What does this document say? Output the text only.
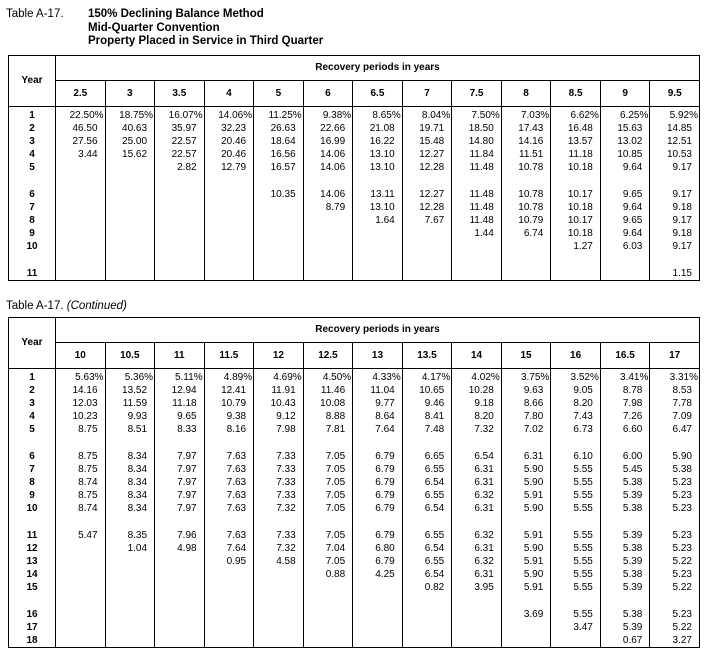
Table A-17.	150% Declining Balance Method
Mid-Quarter Convention
Property Placed in Service in Third Quarter
Year	Recovery periods in years												
	2.5	3	3.5	4	5	6	6.5	7	7.5	8	8.5	9	9.5
1	22.50%	18.75%	16.07%	14.06%	11.25%	9.38%	8.65%	8.04%	7.50%	7.03%	6.62%	6.25%	5.92%
2	46.50	40.63	35.97	32.23	26.63	22.66	21.08	19.71	18.50	17.43	16.48	15.63	14.85
3	27.56	25.00	22.57	20.46	18.64	16.99	16.22	15.48	14.80	14.16	13.57	13.02	12.51
4	3.44	15.62	22.57	20.46	16.56	14.06	13.10	12.27	11.84	11.51	11.18	10.85	10.53
5			2.82	12.79	16.57	14.06	13.10	12.28	11.48	10.78	10.18	9.64	9.17

6					10.35	14.06	13.11	12.27	11.48	10.78	10.17	9.65	9.17
7						8.79	13.10	12.28	11.48	10.78	10.18	9.64	9.18
8							1.64	7.67	11.48	10.79	10.17	9.65	9.17
9									1.44	6.74	10.18	9.64	9.18
10											1.27	6.03	9.17

11													1.15
Table A-17. (Continued)
Year	Recovery periods in years												
	10	10.5	11	11.5	12	12.5	13	13.5	14	15	16	16.5	17
1	5.63%	5.36%	5.11%	4.89%	4.69%	4.50%	4.33%	4.17%	4.02%	3.75%	3.52%	3.41%	3.31%
2	14.16	13.52	12.94	12.41	11.91	11.46	11.04	10.65	10.28	9.63	9.05	8.78	8.53
3	12.03	11.59	11.18	10.79	10.43	10.08	9.77	9.46	9.18	8.66	8.20	7.98	7.78
4	10.23	9.93	9.65	9.38	9.12	8.88	8.64	8.41	8.20	7.80	7.43	7.26	7.09
5	8.75	8.51	8.33	8.16	7.98	7.81	7.64	7.48	7.32	7.02	6.73	6.60	6.47

6	8.75	8.34	7.97	7.63	7.33	7.05	6.79	6.65	6.54	6.31	6.10	6.00	5.90
7	8.75	8.34	7.97	7.63	7.33	7.05	6.79	6.55	6.31	5.90	5.55	5.45	5.38
8	8.74	8.34	7.97	7.63	7.33	7.05	6.79	6.54	6.31	5.90	5.55	5.38	5.23
9	8.75	8.34	7.97	7.63	7.33	7.05	6.79	6.55	6.32	5.91	5.55	5.39	5.23
10	8.74	8.34	7.97	7.63	7.32	7.05	6.79	6.54	6.31	5.90	5.55	5.38	5.23

11	5.47	8.35	7.96	7.63	7.33	7.05	6.79	6.55	6.32	5.91	5.55	5.39	5.23
12		1.04	4.98	7.64	7.32	7.04	6.80	6.54	6.31	5.90	5.55	5.38	5.23
13				0.95	4.58	7.05	6.79	6.55	6.32	5.91	5.55	5.39	5.22
14						0.88	4.25	6.54	6.31	5.90	5.55	5.38	5.23
15								0.82	3.95	5.91	5.55	5.39	5.22

16										3.69	5.55	5.38	5.23
17											3.47	5.39	5.22
18												0.67	3.27
